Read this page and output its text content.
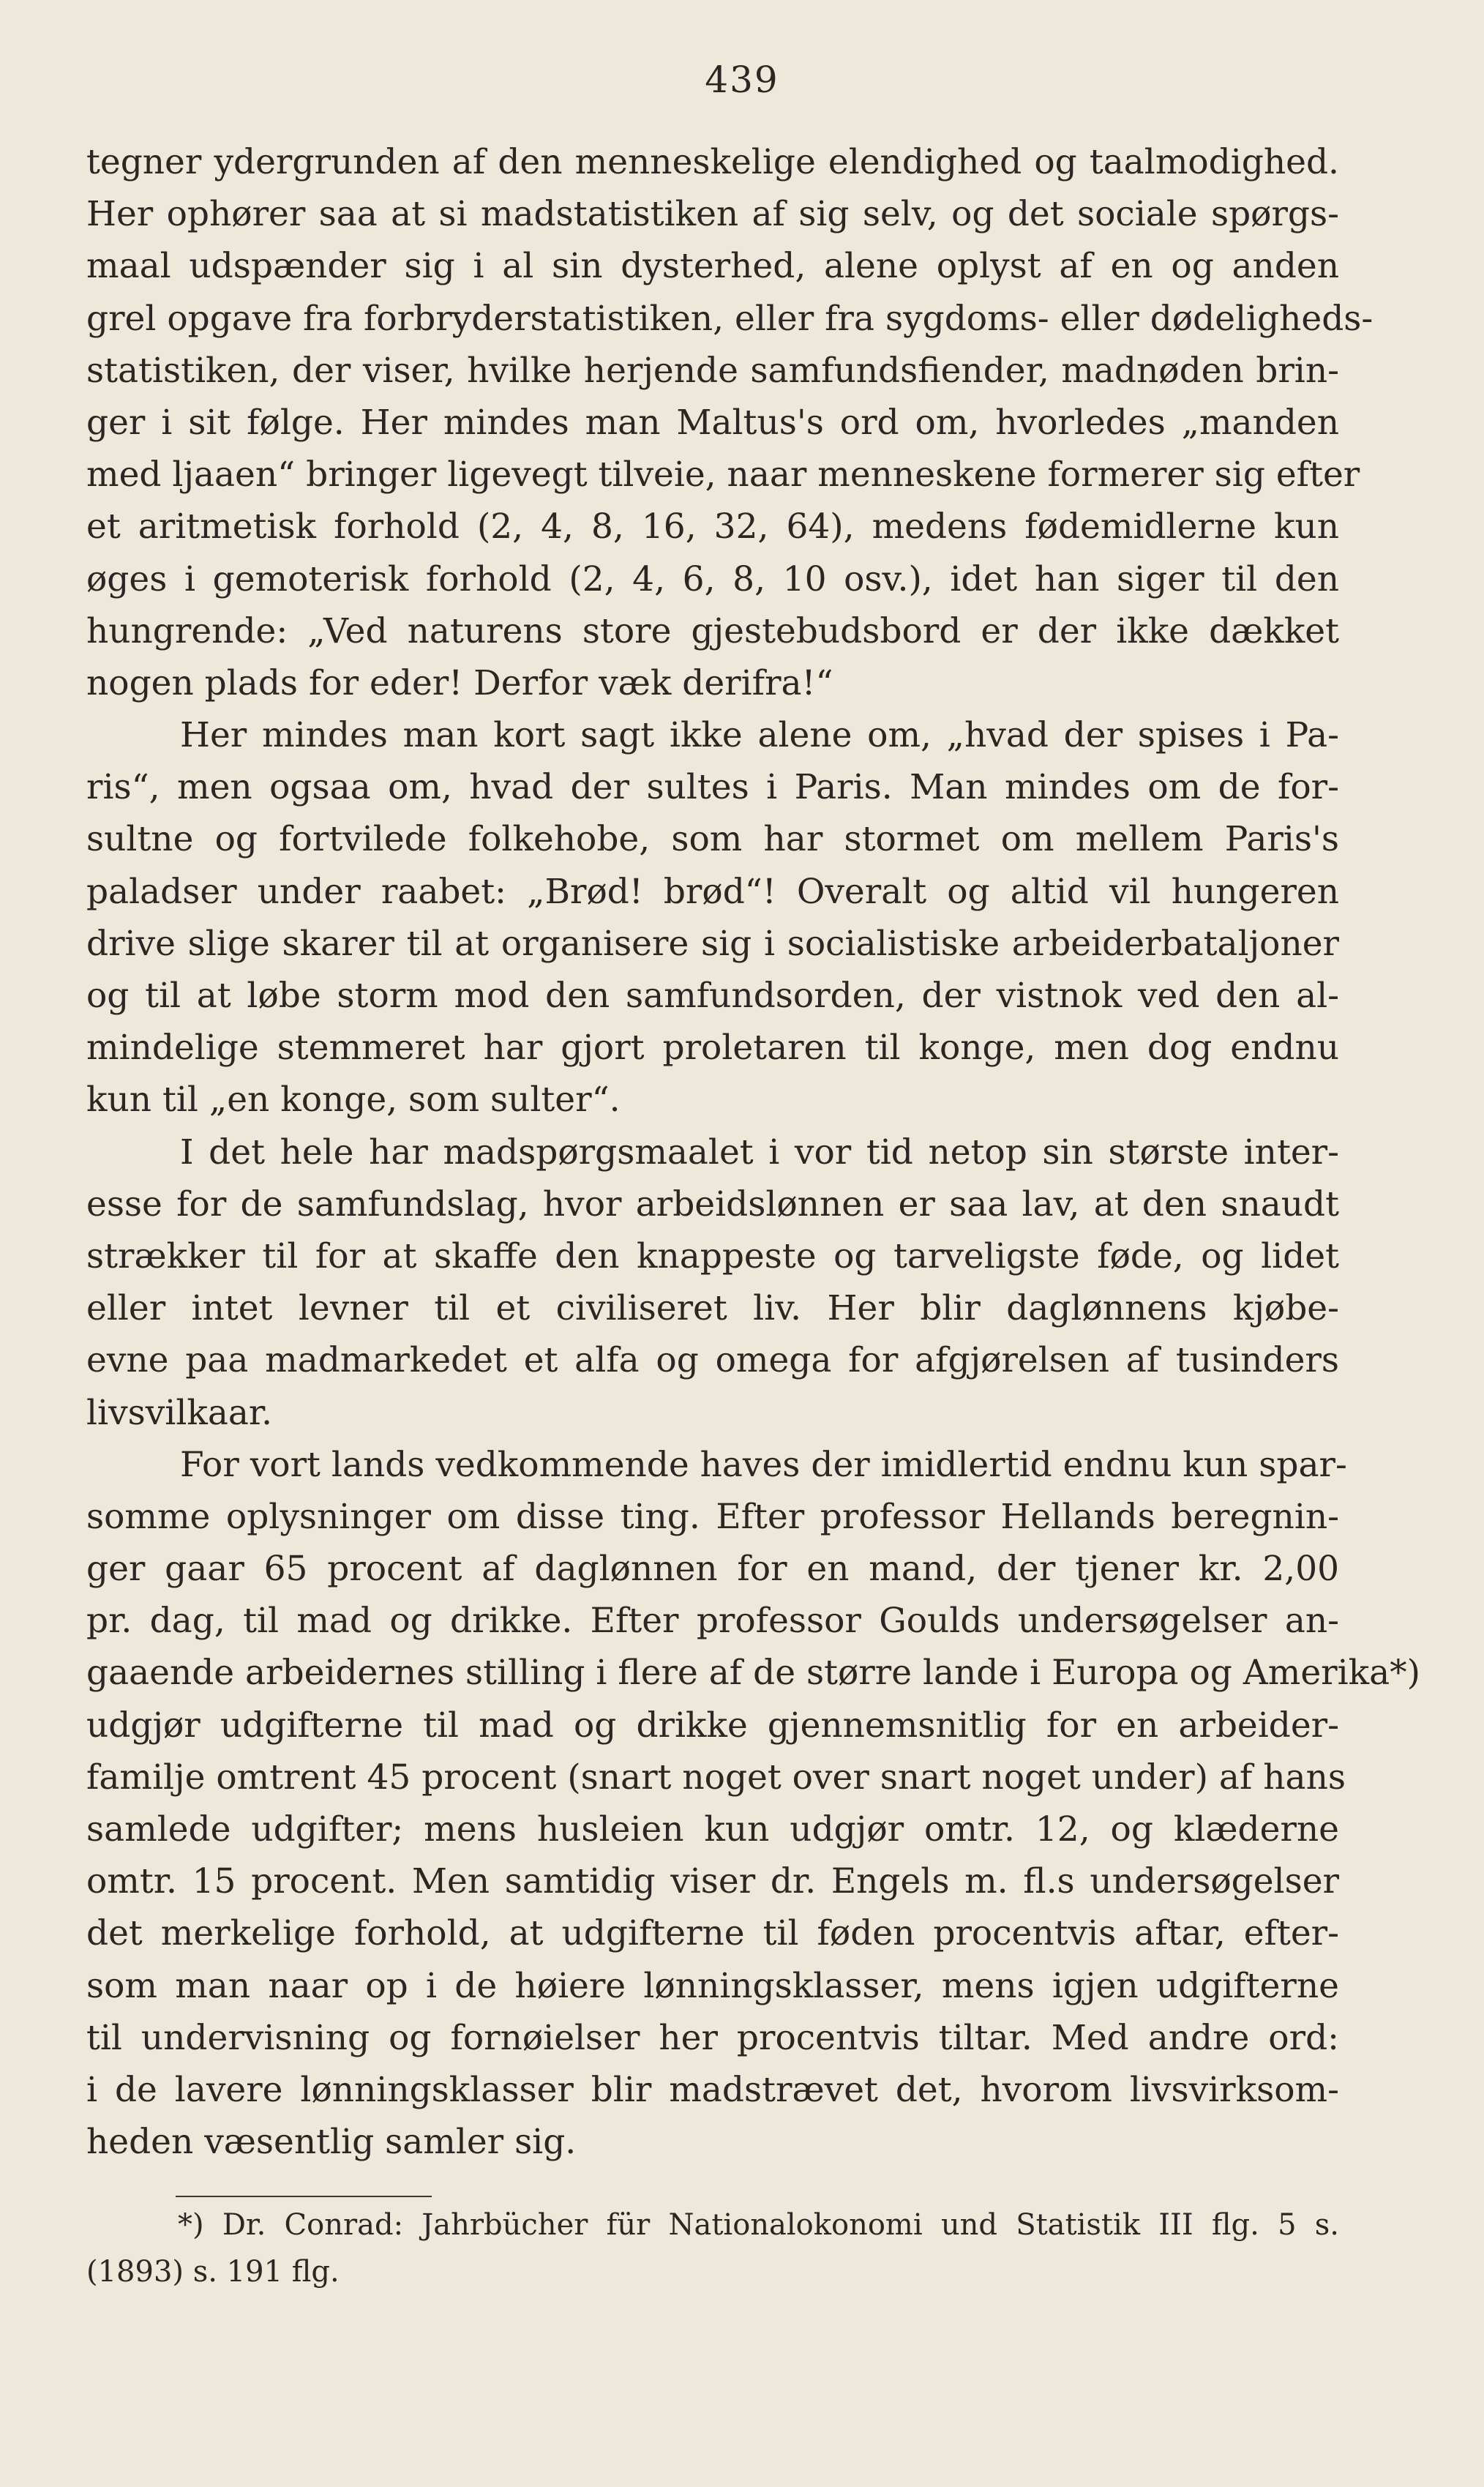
439
tegner ydergrunden af den menneskelige elendighed og taalmodighed.
Her ophører saa at si madstatistiken af sig selv, og det sociale spørgs-
maal udspænder sig i al sin dysterhed, alene oplyst af en og anden
grel opgave fra forbryderstatistiken, eller fra sygdoms- eller dødeligheds-
statistiken, der viser, hvilke herjende samfundsfiender, madnøden brin-
ger i sit følge. Her mindes man Maltus's ord om, hvorledes „manden
med ljaaen“ bringer ligevegt tilveie, naar menneskene formerer sig efter
et aritmetisk forhold (2, 4, 8, 16, 32, 64), medens fødemidlerne kun
øges i gemoterisk forhold (2, 4, 6, 8, 10 osv.), idet han siger til den
hungrende: „Ved naturens store gjestebudsbord er der ikke dækket
nogen plads for eder! Derfor væk derifra!“
Her mindes man kort sagt ikke alene om, „hvad der spises i Pa-
ris“, men ogsaa om, hvad der sultes i Paris. Man mindes om de for-
sultne og fortvilede folkehobe, som har stormet om mellem Paris's
paladser under raabet: „Brød! brød“! Overalt og altid vil hungeren
drive slige skarer til at organisere sig i socialistiske arbeiderbataljoner
og til at løbe storm mod den samfundsorden, der vistnok ved den al-
mindelige stemmeret har gjort proletaren til konge, men dog endnu
kun til „en konge, som sulter“.
I det hele har madspørgsmaalet i vor tid netop sin største inter-
esse for de samfundslag, hvor arbeidslønnen er saa lav, at den snaudt
strækker til for at skaffe den knappeste og tarveligste føde, og lidet
eller intet levner til et civiliseret liv. Her blir daglønnens kjøbe-
evne paa madmarkedet et alfa og omega for afgjørelsen af tusinders
livsvilkaar.
For vort lands vedkommende haves der imidlertid endnu kun spar-
somme oplysninger om disse ting. Efter professor Hellands beregnin-
ger gaar 65 procent af daglønnen for en mand, der tjener kr. 2,00
pr. dag, til mad og drikke. Efter professor Goulds undersøgelser an-
gaaende arbeidernes stilling i flere af de større lande i Europa og Amerika*)
udgjør udgifterne til mad og drikke gjennemsnitlig for en arbeider-
familje omtrent 45 procent (snart noget over snart noget under) af hans
samlede udgifter; mens husleien kun udgjør omtr. 12, og klæderne
omtr. 15 procent. Men samtidig viser dr. Engels m. fl.s undersøgelser
det merkelige forhold, at udgifterne til føden procentvis aftar, efter-
som man naar op i de høiere lønningsklasser, mens igjen udgifterne
til undervisning og fornøielser her procentvis tiltar. Med andre ord:
i de lavere lønningsklasser blir madstrævet det, hvorom livsvirksom-
heden væsentlig samler sig.
*) Dr. Conrad: Jahrbücher für Nationalokonomi und Statistik III flg. 5 s.
(1893) s. 191 flg.
